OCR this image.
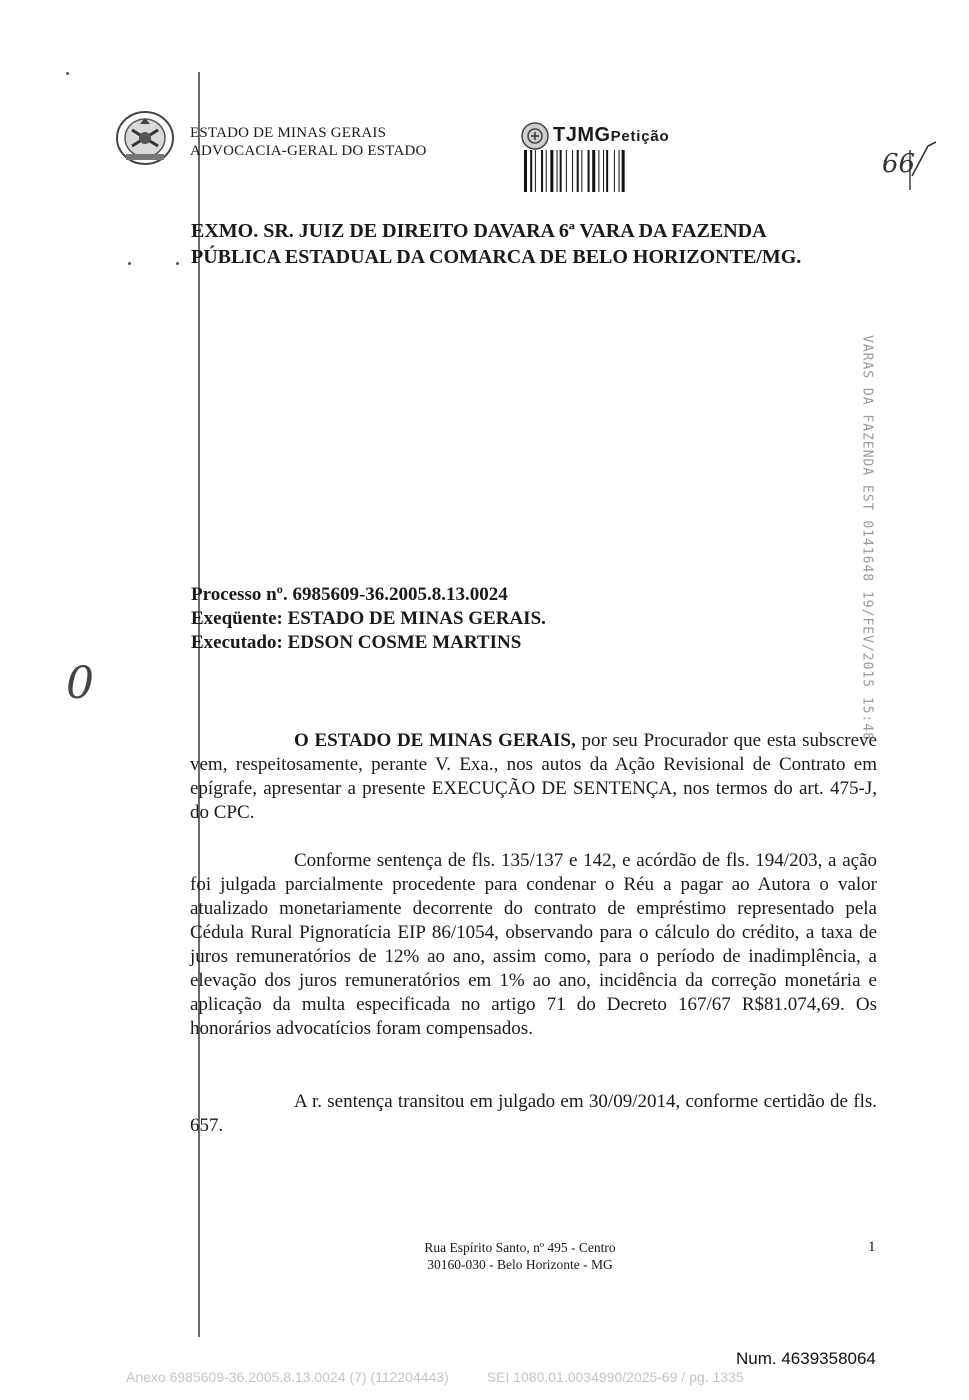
ESTADO DE MINAS GERAIS
ADVOCACIA-GERAL DO ESTADO
TJMGPetição
66
0	VARAS DA FAZENDA EST 0141648 19/FEV/2015 15:48
EXMO. SR. JUIZ DE DIREITO DAVARA 6ª VARA DA FAZENDA
PÚBLICA ESTADUAL DA COMARCA DE BELO HORIZONTE/MG.
Processo nº. 6985609-36.2005.8.13.0024
Exeqüente: ESTADO DE MINAS GERAIS.
Executado: EDSON COSME MARTINS

O ESTADO DE MINAS GERAIS, por seu Procurador que esta subscreve vem, respeitosamente, perante V. Exa., nos autos da Ação Revisional de Contrato em epígrafe, apresentar a presente EXECUÇÃO DE SENTENÇA, nos termos do art. 475-J, do CPC.

Conforme sentença de fls. 135/137 e 142, e acórdão de fls. 194/203, a ação foi julgada parcialmente procedente para condenar o Réu a pagar ao Autora o valor atualizado monetariamente decorrente do contrato de empréstimo representado pela Cédula Rural Pignoratícia EIP 86/1054, observando para o cálculo do crédito, a taxa de juros remuneratórios de 12% ao ano, assim como, para o período de inadimplência, a elevação dos juros remuneratórios em 1% ao ano, incidência da correção monetária e aplicação da multa especificada no artigo 71 do Decreto 167/67 R$81.074,69. Os honorários advocatícios foram compensados.

A r. sentença transitou em julgado em 30/09/2014, conforme certidão de fls. 657.

Rua Espírito Santo, nº 495 - Centro
30160-030 - Belo Horizonte - MG
1
Num. 4639358064
Anexo 6985609-36.2005.8.13.0024 (7) (112204443)	SEI 1080.01.0034990/2025-69 / pg. 1335
